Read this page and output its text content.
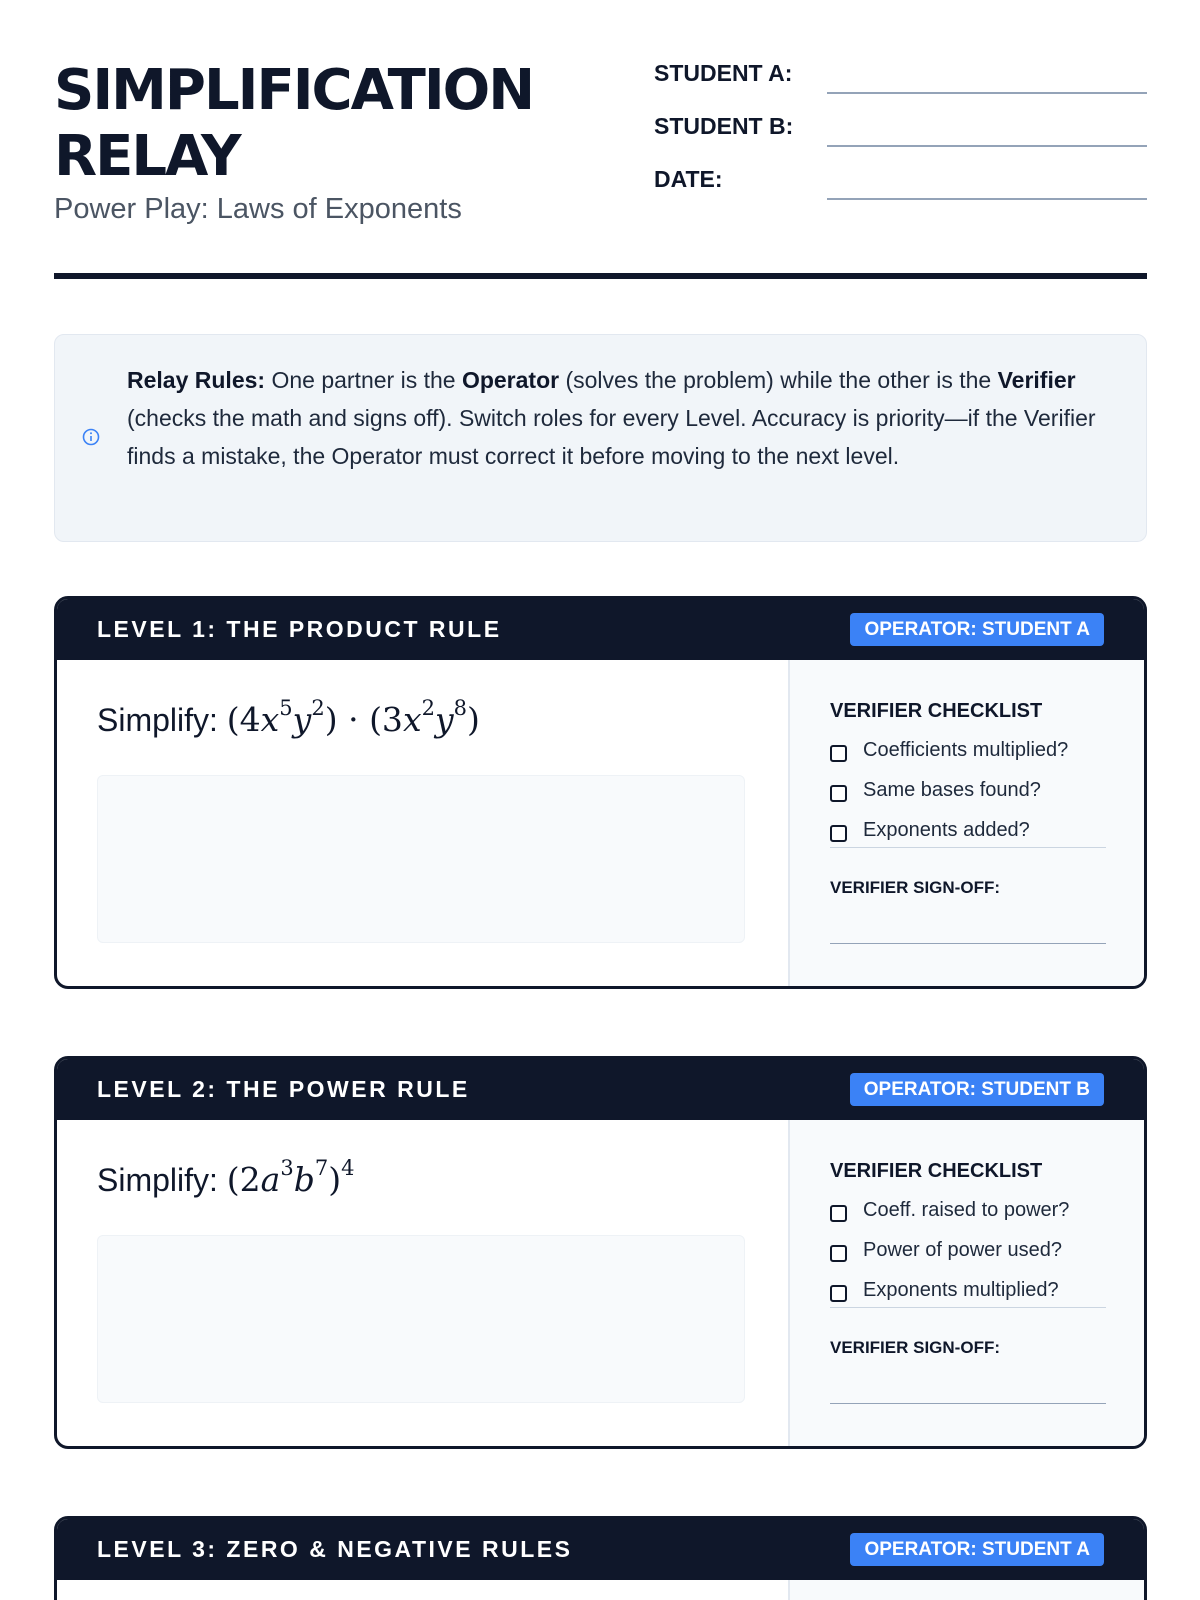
SIMPLIFICATION RELAY
Power Play: Laws of Exponents
STUDENT A:
STUDENT B:
DATE:
Relay Rules: One partner is the Operator (solves the problem) while the other is the Verifier (checks the math and signs off). Switch roles for every Level. Accuracy is priority—if the Verifier finds a mistake, the Operator must correct it before moving to the next level.
LEVEL 1: THE PRODUCT RULE	OPERATOR: STUDENT A
Simplify: $(4x^5y^2) \cdot (3x^2y^8)$	VERIFIER CHECKLIST
Coefficients multiplied?
Same bases found?
Exponents added?
VERIFIER SIGN-OFF:
LEVEL 2: THE POWER RULE	OPERATOR: STUDENT B
Simplify: $(2a^3b^7)^4$	VERIFIER CHECKLIST
Coeff. raised to power?
Power of power used?
Exponents multiplied?
VERIFIER SIGN-OFF:
LEVEL 3: ZERO & NEGATIVE RULES	OPERATOR: STUDENT A
